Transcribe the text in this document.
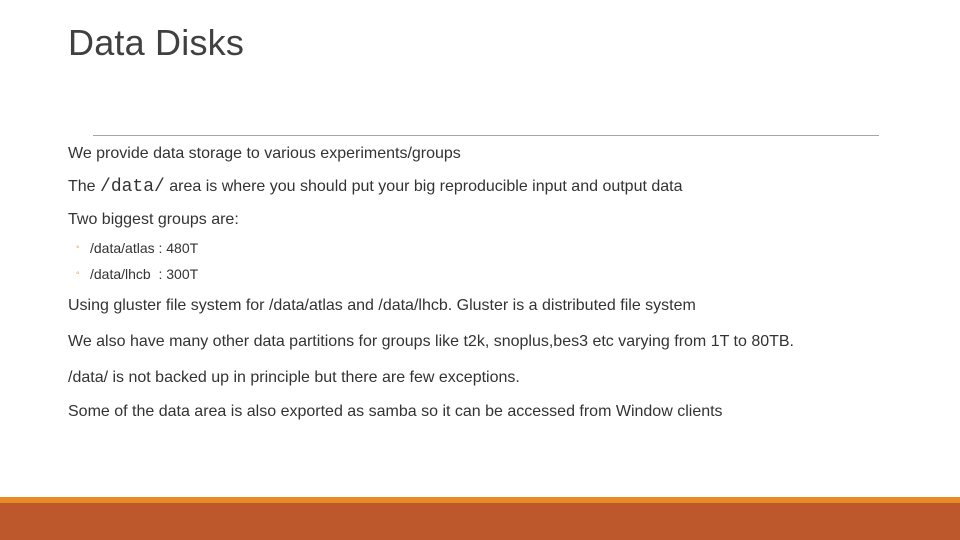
Data Disks

We provide data storage to various experiments/groups

The /data/ area is where you should put your big reproducible input and output data

Two biggest groups are:

◦ /data/atlas : 480T
◦ /data/lhcb  : 300T

Using gluster file system for /data/atlas and /data/lhcb. Gluster is a distributed file system

We also have many other data partitions for groups like t2k, snoplus,bes3 etc varying from 1T to 80TB.

/data/ is not backed up in principle but there are few exceptions.

Some of the data area is also exported as samba so it can be accessed from Window clients
